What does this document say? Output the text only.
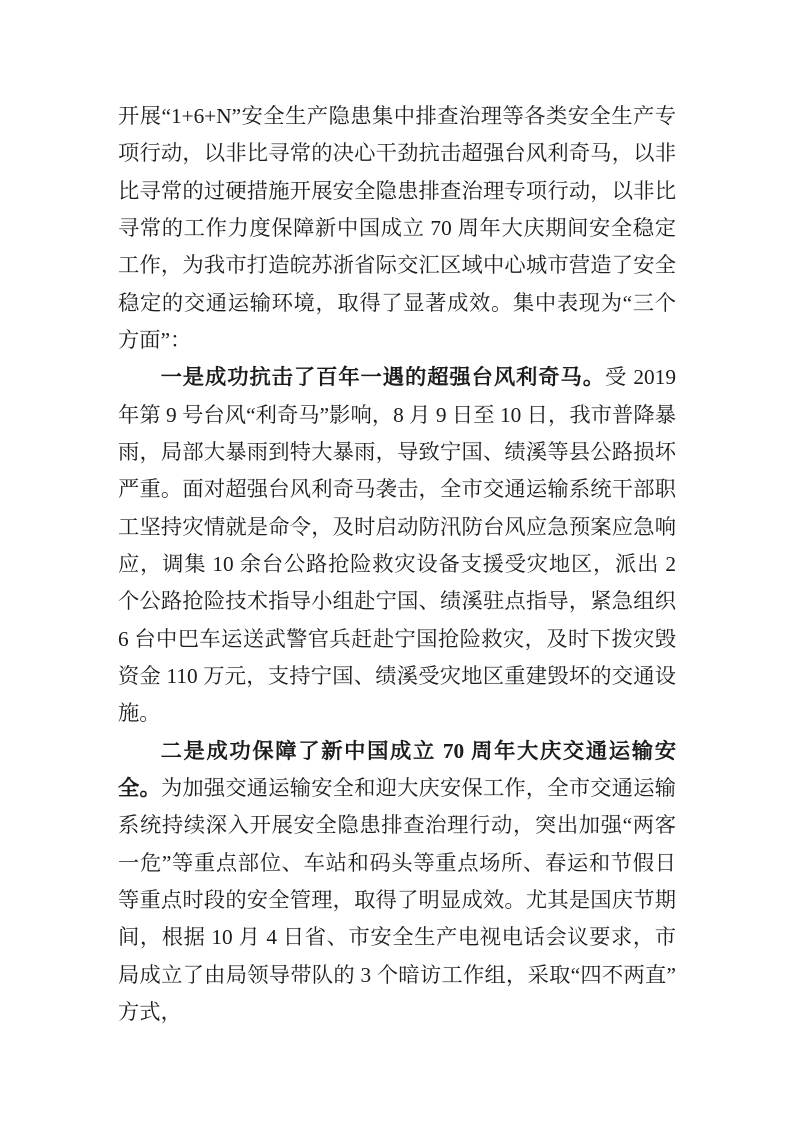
开展“1+6+N”安全生产隐患集中排查治理等各类安全生产专项行动，以非比寻常的决心干劲抗击超强台风利奇马，以非比寻常的过硬措施开展安全隐患排查治理专项行动，以非比寻常的工作力度保障新中国成立 70 周年大庆期间安全稳定工作，为我市打造皖苏浙省际交汇区域中心城市营造了安全稳定的交通运输环境，取得了显著成效。集中表现为“三个方面”：

一是成功抗击了百年一遇的超强台风利奇马。受 2019 年第 9 号台风“利奇马”影响，8 月 9 日至 10 日，我市普降暴雨，局部大暴雨到特大暴雨，导致宁国、绩溪等县公路损坏严重。面对超强台风利奇马袭击，全市交通运输系统干部职工坚持灾情就是命令，及时启动防汛防台风应急预案应急响应，调集 10 余台公路抢险救灾设备支援受灾地区，派出 2 个公路抢险技术指导小组赴宁国、绩溪驻点指导，紧急组织 6 台中巴车运送武警官兵赶赴宁国抢险救灾，及时下拨灾毁资金 110 万元，支持宁国、绩溪受灾地区重建毁坏的交通设施。

二是成功保障了新中国成立 70 周年大庆交通运输安全。为加强交通运输安全和迎大庆安保工作，全市交通运输系统持续深入开展安全隐患排查治理行动，突出加强“两客一危”等重点部位、车站和码头等重点场所、春运和节假日等重点时段的安全管理，取得了明显成效。尤其是国庆节期间，根据 10 月 4 日省、市安全生产电视电话会议要求，市局成立了由局领导带队的 3 个暗访工作组，采取“四不两直”方式，
